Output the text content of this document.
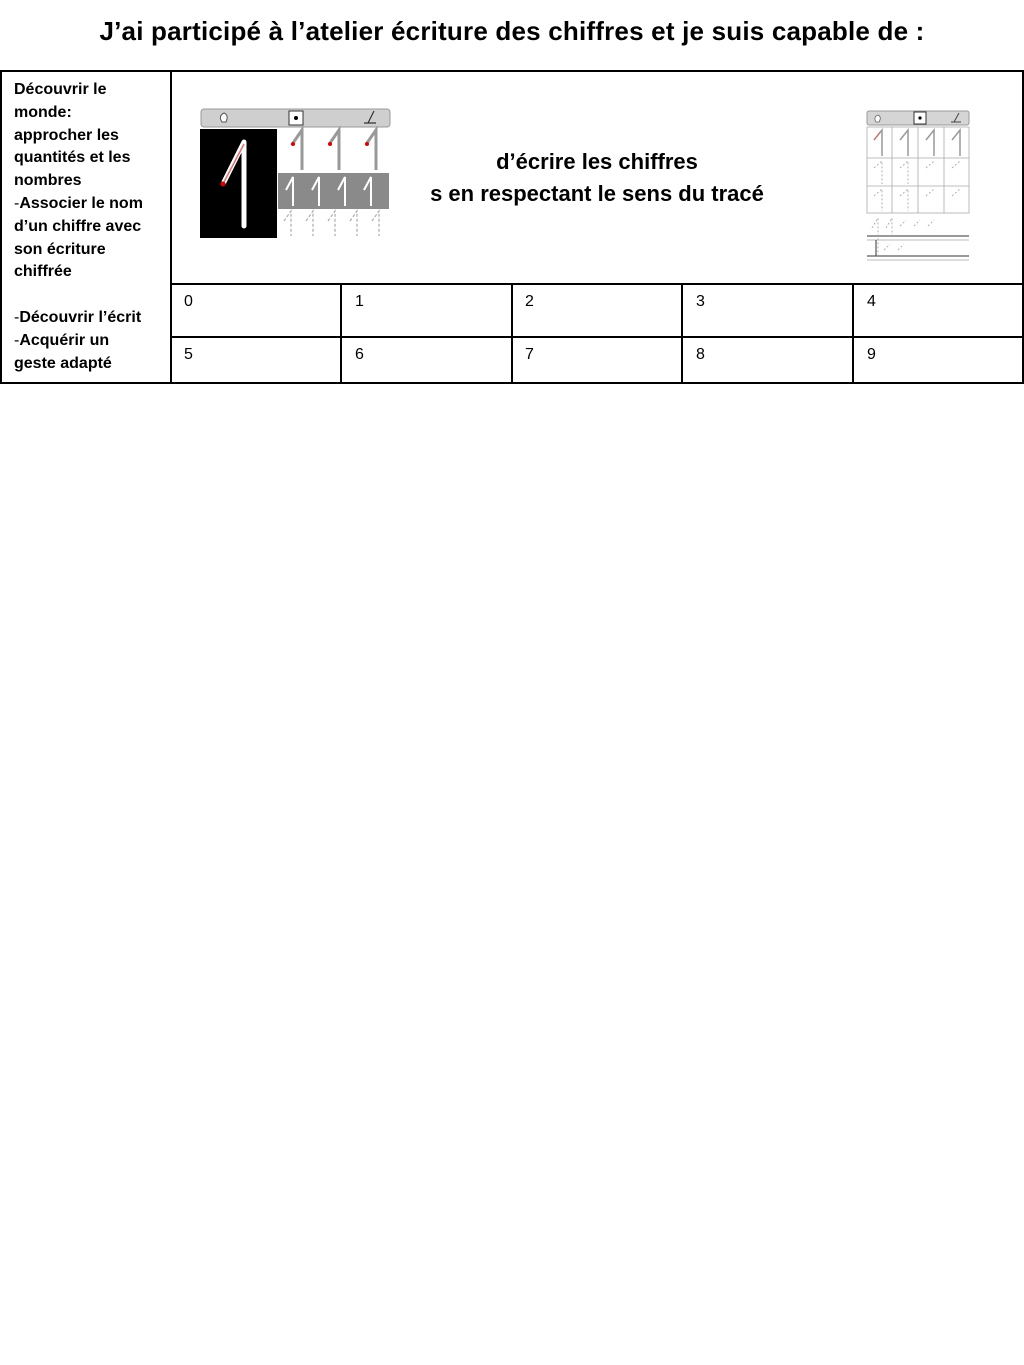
J’ai participé à l’atelier écriture des chiffres et je suis capable de :

Découvrir le

monde:

approcher les

quantités et les

nombres

-Associer le nom

d’un chiffre avec

son écriture

chiffrée

-Découvrir l’écrit

-Acquérir un

geste adapté

d’écrire les chiffres
s en respectant le sens du tracé
0	1	2	3	4
5	6	7	8	9
